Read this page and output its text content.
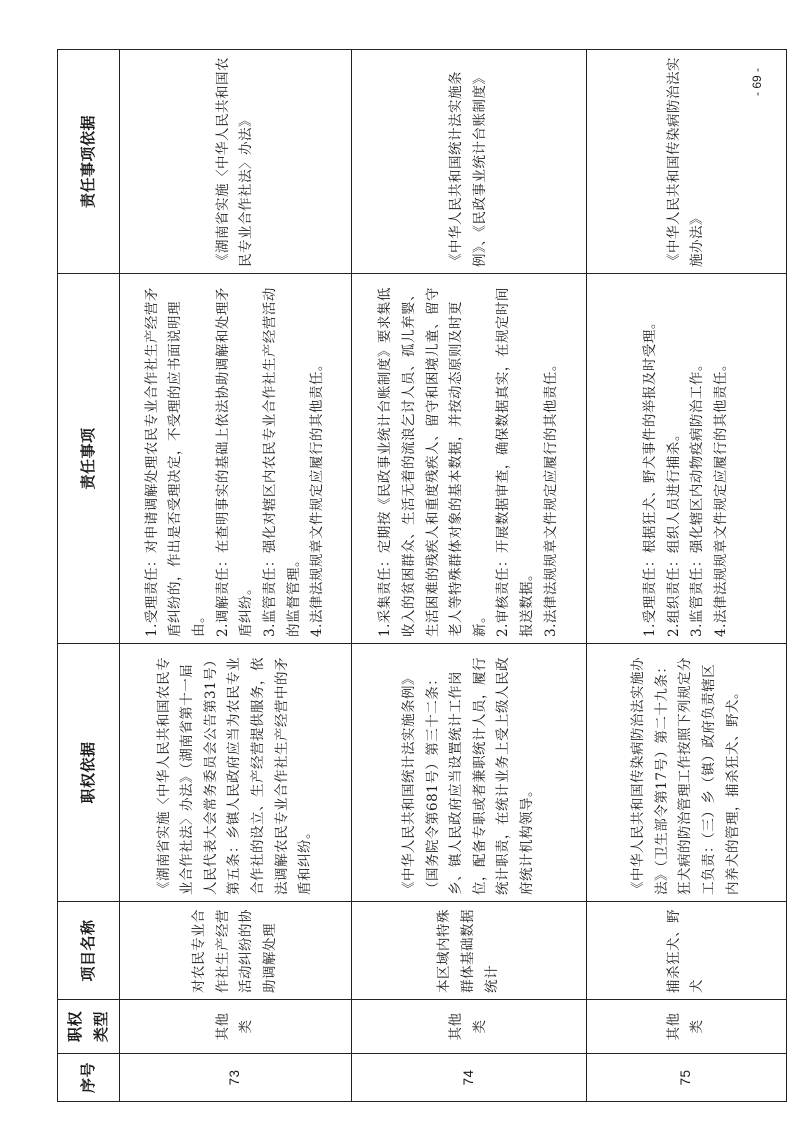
序号	职权类型	项目名称	职权依据	责任事项	责任事项依据
73	其他类	对农民专业合作社生产经营活动纠纷的协助调解处理	《湖南省实施〈中华人民共和国农民专业合作社法〉办法》（湖南省第十一届人民代表大会常务委员会公告第31号）第五条：乡镇人民政府应当为农民专业合作社的设立、生产经营提供服务，依法调解农民专业合作社生产经营中的矛盾和纠纷。	1.受理责任：对申请调解处理农民专业合作社生产经营矛盾纠纷的，作出是否受理决定，不受理的应书面说明理由。 2.调解责任：在查明事实的基础上依法协助调解和处理矛盾纠纷。 3.监管责任：强化对辖区内农民专业合作社生产经营活动的监督管理。 4.法律法规规章文件规定应履行的其他责任。	《湖南省实施〈中华人民共和国农民专业合作社法〉办法》
74	其他类	本区域内特殊群体基础数据统计	《中华人民共和国统计法实施条例》（国务院令第681号）第三十二条：乡、镇人民政府应当设置统计工作岗位，配备专职或者兼职统计人员，履行统计职责，在统计业务上受上级人民政府统计机构领导。	1.采集责任：定期按《民政事业统计台账制度》要求集低收入的贫困群众、生活无着的流浪乞讨人员、孤儿弃婴、生活困难的残疾人和重度残疾人、留守和困境儿童、留守老人等特殊群体对象的基本数据，并按动态原则及时更新。 2.审核责任：开展数据审查，确保数据真实，在规定时间报送数据。 3.法律法规规章文件规定应履行的其他责任。	《中华人民共和国统计法实施条例》、《民政事业统计台账制度》
75	其他类	捕杀狂犬、野犬	《中华人民共和国传染病防治法实施办法》（卫生部令第17号）第二十九条：狂犬病的防治管理工作按照下列规定分工负责：（三）乡（镇）政府负责辖区内养犬的管理，捕杀狂犬、野犬。	1.受理责任：根据狂犬、野犬事件的举报及时受理。 2.组织责任：组织人员进行捕杀。 3.监管责任：强化辖区内动物疫病防治工作。 4.法律法规规章文件规定应履行的其他责任。	《中华人民共和国传染病防治法实施办法》
- 69 -
